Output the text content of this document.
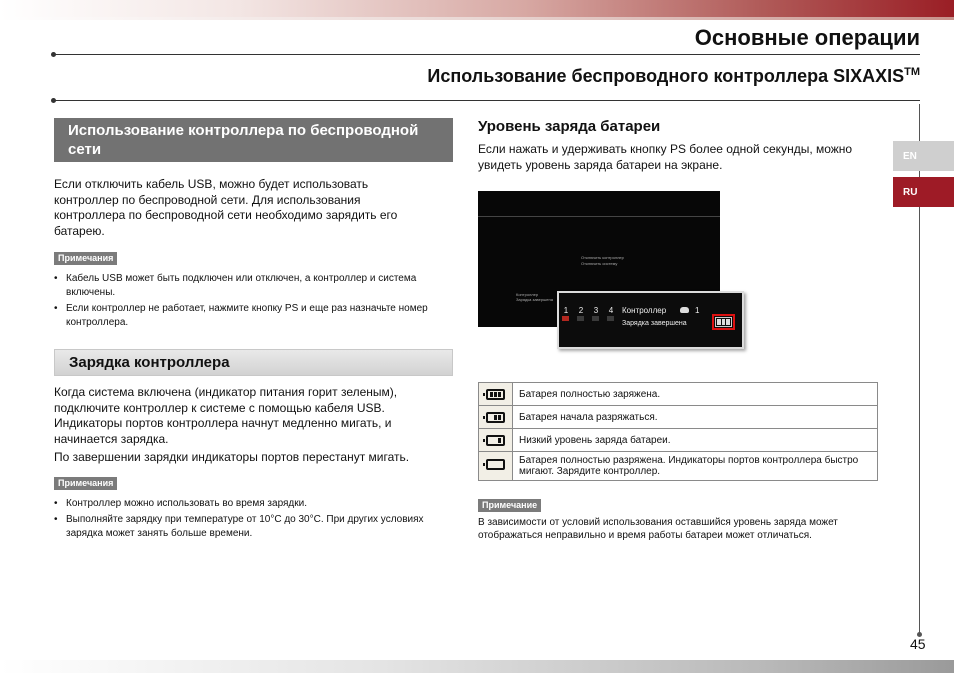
Основные операции
Использование беспроводного контроллера SIXAXIS™
EN
RU
Использование контроллера по беспроводной сети

Если отключить кабель USB, можно будет использовать контроллер по беспроводной сети. Для использования контроллера по беспроводной сети необходимо зарядить его батарею.

Примечания
• Кабель USB может быть подключен или отключен, а контроллер и система включены.
• Если контроллер не работает, нажмите кнопку PS и еще раз назначьте номер контроллера.
Зарядка контроллера

Когда система включена (индикатор питания горит зеленым), подключите контроллер к системе с помощью кабеля USB. Индикаторы портов контроллера начнут медленно мигать, и начинается зарядка.

По завершении зарядки индикаторы портов перестанут мигать.

Примечания
• Контроллер можно использовать во время зарядки.
• Выполняйте зарядку при температуре от 10°C до 30°C. При других условиях зарядка может занять больше времени.
Уровень заряда батареи

Если нажать и удерживать кнопку PS более одной секунды, можно увидеть уровень заряда батареи на экране.

Отключить контроллер
Отключить систему
Контроллер
Зарядка завершена
1	2	3	4	Контроллер	1
Зарядка завершена
	Батарея полностью заряжена.

	Батарея начала разряжаться.

	Низкий уровень заряда батареи.
	Батарея полностью разряжена. Индикаторы портов контроллера быстро мигают. Зарядите контроллер.
Примечание

В зависимости от условий использования оставшийся уровень заряда может отображаться неправильно и время работы батареи может отличаться.

45
